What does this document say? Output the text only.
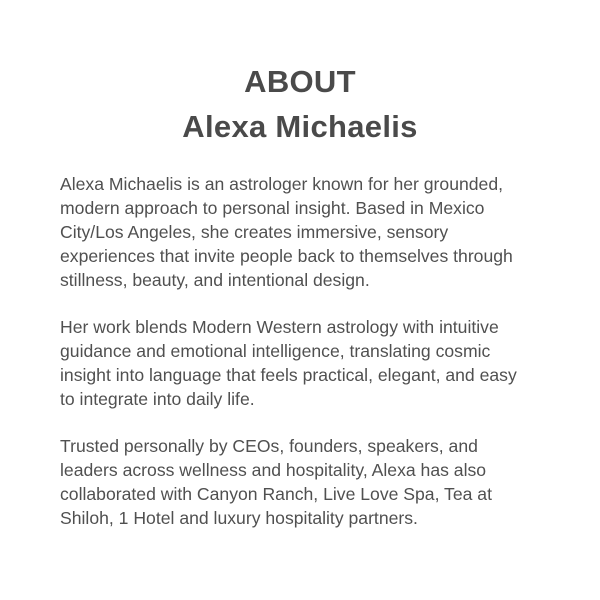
ABOUT
Alexa Michaelis

Alexa Michaelis is an astrologer known for her grounded,
modern approach to personal insight. Based in Mexico
City/Los Angeles, she creates immersive, sensory
experiences that invite people back to themselves through
stillness, beauty, and intentional design.

Her work blends Modern Western astrology with intuitive
guidance and emotional intelligence, translating cosmic
insight into language that feels practical, elegant, and easy
to integrate into daily life.

Trusted personally by CEOs, founders, speakers, and
leaders across wellness and hospitality, Alexa has also
collaborated with Canyon Ranch, Live Love Spa, Tea at
Shiloh, 1 Hotel and luxury hospitality partners.
